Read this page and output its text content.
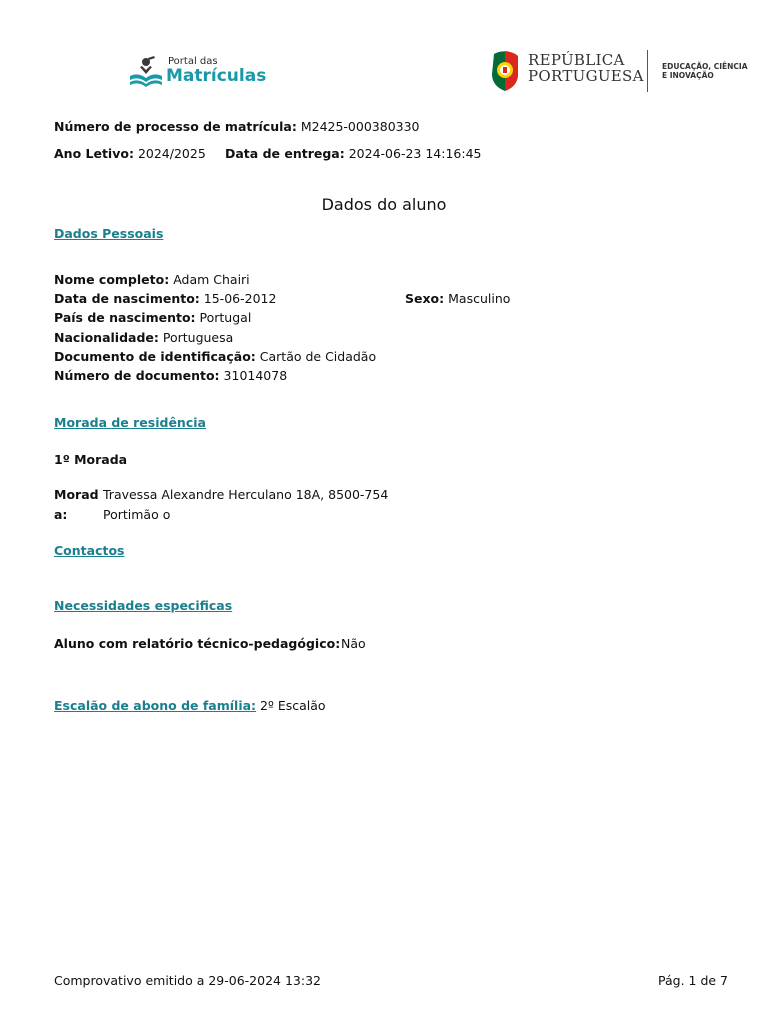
Portal das
Matrículas
REPÚBLICA
PORTUGUESA
EDUCAÇÃO, CIÊNCIA
E INOVAÇÃO
Número de processo de matrícula: M2425-000380330
Ano Letivo: 2024/2025 Data de entrega: 2024-06-23 14:16:45
Dados do aluno
Dados Pessoais
Nome completo: Adam Chairi
Data de nascimento: 15-06-2012	Sexo: Masculino
País de nascimento: Portugal
Nacionalidade: Portuguesa
Documento de identificação: Cartão de Cidadão
Número de documento: 31014078
Morada de residência
1º Morada
Morad
a:
Travessa Alexandre Herculano 18A, 8500-754
Portimão o
Contactos
Necessidades especificas
Aluno com relatório técnico-pedagógico: Não
Escalão de abono de família: 2º Escalão
Comprovativo emitido a 29-06-2024 13:32	Pág. 1 de 7
